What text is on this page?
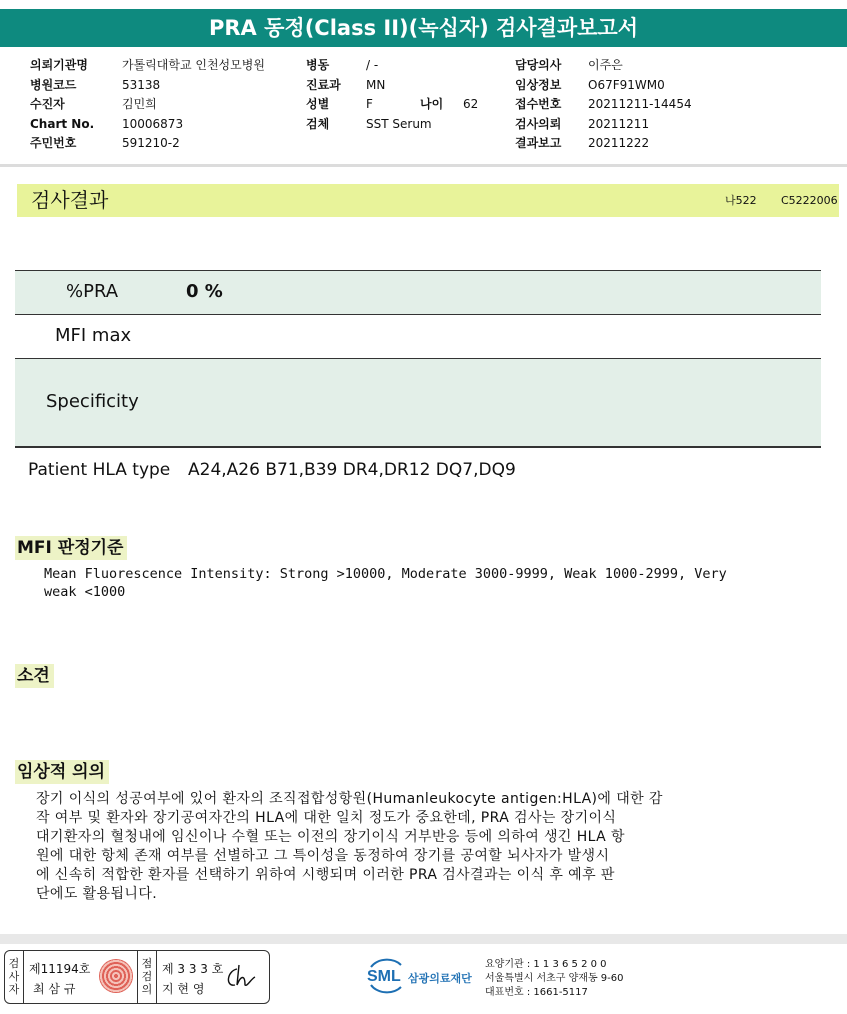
PRA 동정(Class II)(녹십자) 검사결과보고서
의뢰기관명	가톨릭대학교 인천성모병원
병원코드	53138
수진자	김민희
Chart No. 10006873
주민번호	591210-2
병동	/ -
진료과 MN
성별	F	나이 62
검체	SST Serum
담당의사 이주은
임상정보 O67F91WM0
접수번호 20211211-14454
검사의뢰 20211211
결과보고 20211222
검사결과	나522 C5222006
%PRA	0 %
MFI max
Specificity
Patient HLA type A24,A26 B71,B39 DR4,DR12 DQ7,DQ9
MFI 판정기준
Mean Fluorescence Intensity: Strong >10000, Moderate 3000-9999, Weak 1000-2999, Very
weak <1000
소견
임상적 의의
장기 이식의 성공여부에 있어 환자의 조직접합성항원(Humanleukocyte antigen:HLA)에 대한 감
작 여부 및 환자와 장기공여자간의 HLA에 대한 일치 정도가 중요한데, PRA 검사는 장기이식
대기환자의 혈청내에 임신이나 수혈 또는 이전의 장기이식 거부반응 등에 의하여 생긴 HLA 항
원에 대한 항체 존재 여부를 선별하고 그 특이성을 동정하여 장기를 공여할 뇌사자가 발생시
에 신속히 적합한 환자를 선택하기 위하여 시행되며 이러한 PRA 검사결과는 이식 후 예후 판
단에도 활용됩니다.
검
사
자
제11194호
최 삼 규
점
검
의
제 3 3 3 호
지 현 영
SML 삼광의료재단
요양기관 : 1 1 3 6 5 2 0 0
서울특별시 서초구 양재동 9-60
대표번호 : 1661-5117
